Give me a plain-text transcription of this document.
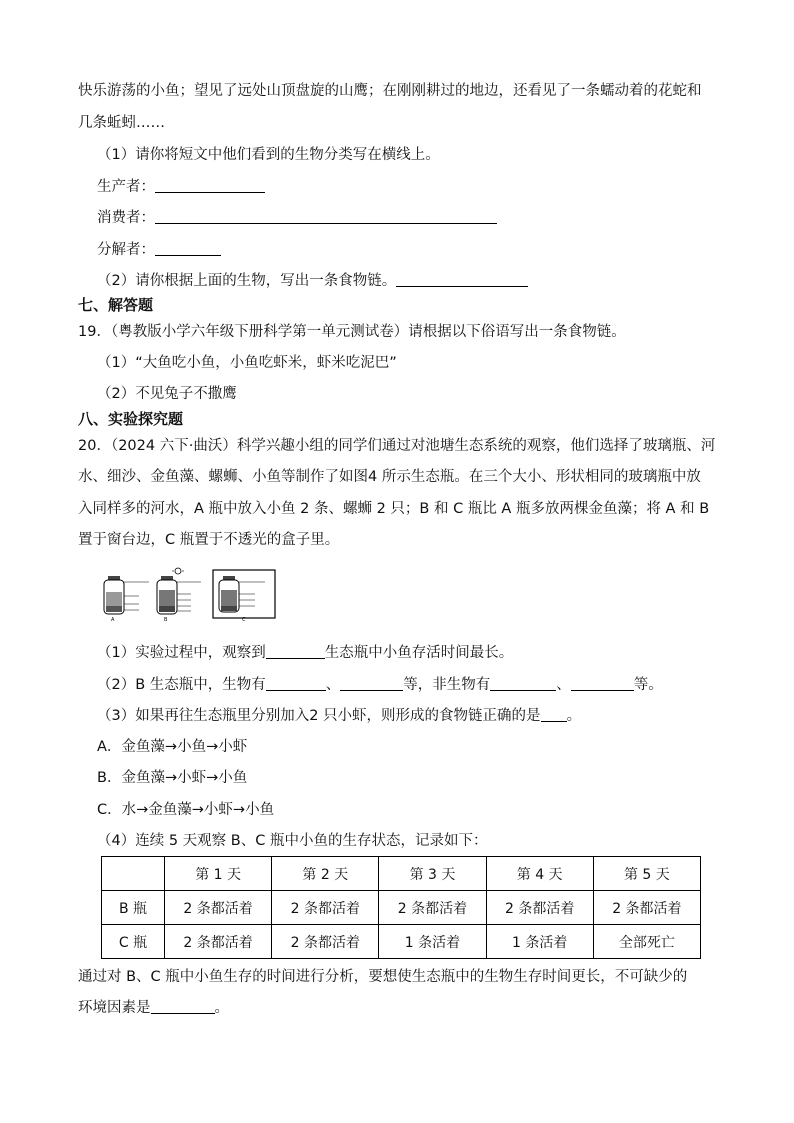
快乐游荡的小鱼；望见了远处山顶盘旋的山鹰；在刚刚耕过的地边，还看见了一条蠕动着的花蛇和
几条蚯蚓……
（1）请你将短文中他们看到的生物分类写在横线上。
生产者：
消费者：
分解者：
（2）请你根据上面的生物，写出一条食物链。
七、解答题
19．（粤教版小学六年级下册科学第一单元测试卷）请根据以下俗语写出一条食物链。
（1）“大鱼吃小鱼，小鱼吃虾米，虾米吃泥巴”
（2）不见兔子不撒鹰
八、实验探究题
20．（2024 六下·曲沃）科学兴趣小组的同学们通过对池塘生态系统的观察，他们选择了玻璃瓶、河
水、细沙、金鱼藻、螺蛳、小鱼等制作了如图4 所示生态瓶。在三个大小、形状相同的玻璃瓶中放
入同样多的河水，A 瓶中放入小鱼 2 条、螺蛳 2 只；B 和 C 瓶比 A 瓶多放两棵金鱼藻；将 A 和 B
置于窗台边，C 瓶置于不透光的盒子里。
A	B	C
（1）实验过程中，观察到	生态瓶中小鱼存活时间最长。
（2）B 生态瓶中，生物有	、	等，非生物有	、	等。
（3）如果再往生态瓶里分别加入2 只小虾，则形成的食物链正确的是 。
A．金鱼藻→小鱼→小虾
B．金鱼藻→小虾→小鱼
C．水→金鱼藻→小虾→小鱼
（4）连续 5 天观察 B、C 瓶中小鱼的生存状态，记录如下：
	第 1 天	第 2 天	第 3 天	第 4 天	第 5 天
B 瓶	2 条都活着	2 条都活着	2 条都活着	2 条都活着	2 条都活着
C 瓶	2 条都活着	2 条都活着	1 条活着	1 条活着	全部死亡
通过对 B、C 瓶中小鱼生存的时间进行分析，要想使生态瓶中的生物生存时间更长，不可缺少的
环境因素是	。
